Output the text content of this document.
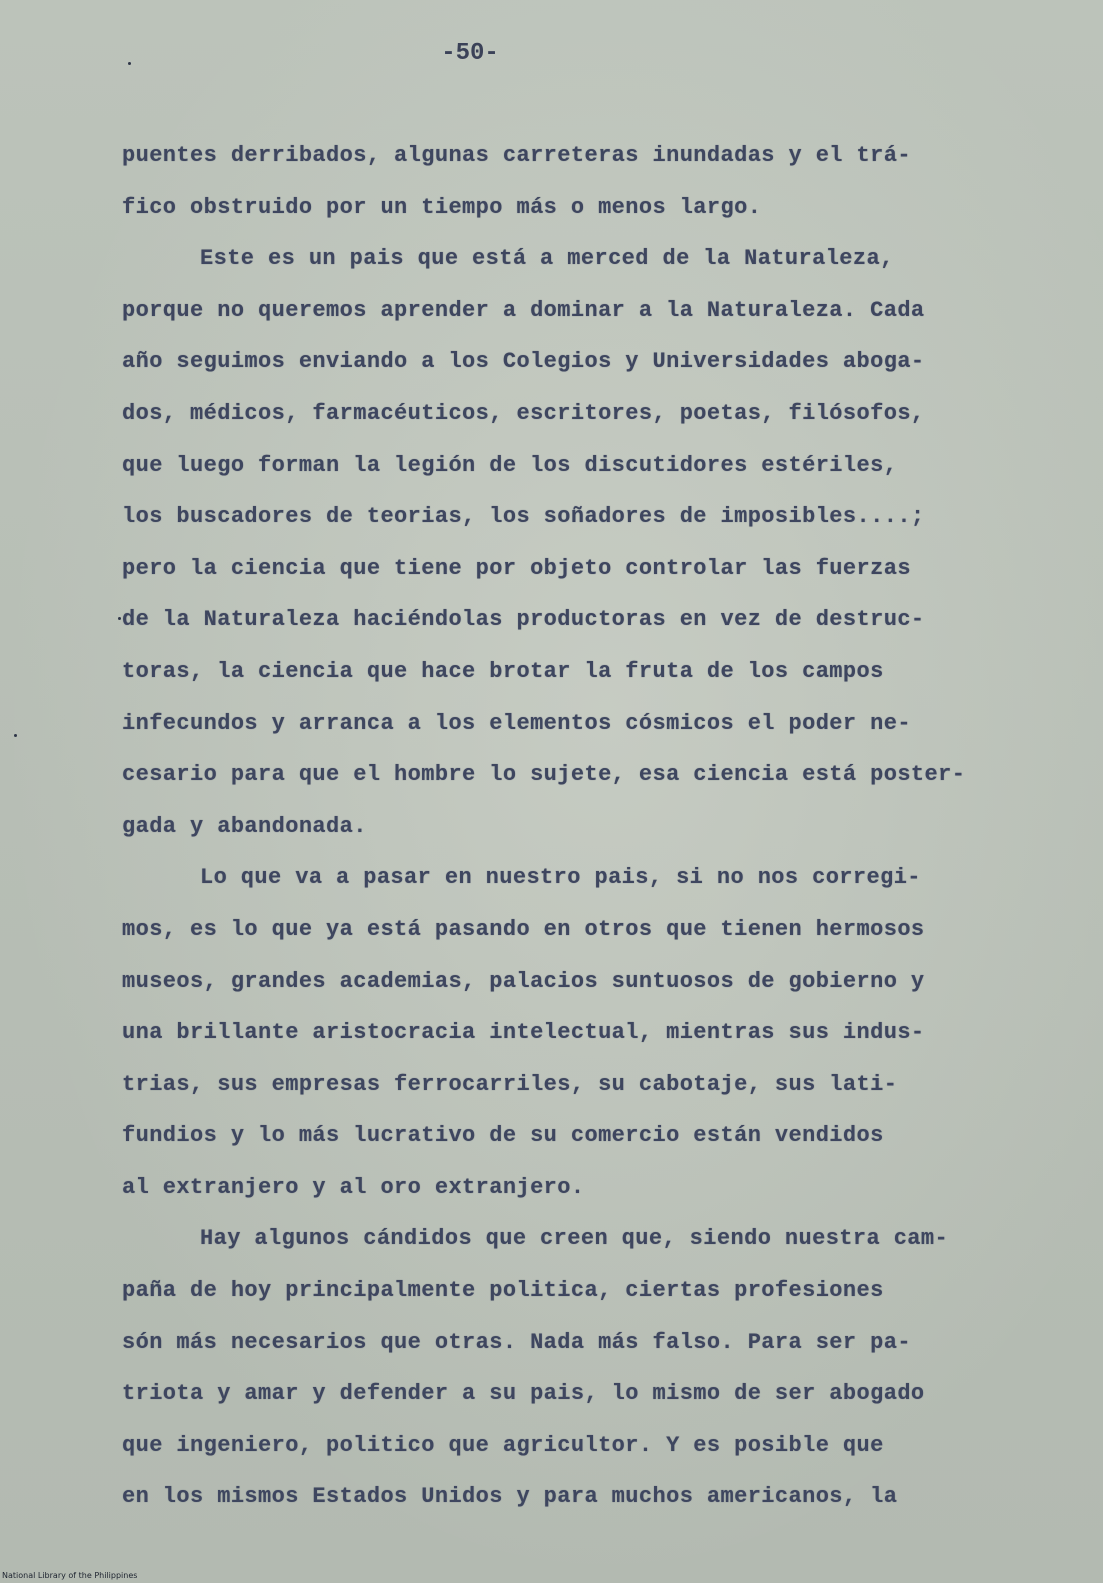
-50-
puentes derribados, algunas carreteras inundadas y el trá-
fico obstruido por un tiempo más o menos largo.
Este es un pais que está a merced de la Naturaleza,
porque no queremos aprender a dominar a la Naturaleza. Cada
año seguimos enviando a los Colegios y Universidades aboga-
dos, médicos, farmacéuticos, escritores, poetas, filósofos,
que luego forman la legión de los discutidores estériles,
los buscadores de teorias, los soñadores de imposibles....;
pero la ciencia que tiene por objeto controlar las fuerzas
de la Naturaleza haciéndolas productoras en vez de destruc-
toras, la ciencia que hace brotar la fruta de los campos
infecundos y arranca a los elementos cósmicos el poder ne-
cesario para que el hombre lo sujete, esa ciencia está poster-
gada y abandonada.
Lo que va a pasar en nuestro pais, si no nos corregi-
mos, es lo que ya está pasando en otros que tienen hermosos
museos, grandes academias, palacios suntuosos de gobierno y
una brillante aristocracia intelectual, mientras sus indus-
trias, sus empresas ferrocarriles, su cabotaje, sus lati-
fundios y lo más lucrativo de su comercio están vendidos
al extranjero y al oro extranjero.
Hay algunos cándidos que creen que, siendo nuestra cam-
paña de hoy principalmente politica, ciertas profesiones
són más necesarios que otras. Nada más falso. Para ser pa-
triota y amar y defender a su pais, lo mismo de ser abogado
que ingeniero, politico que agricultor. Y es posible que
en los mismos Estados Unidos y para muchos americanos, la
National Library of the Philippines
